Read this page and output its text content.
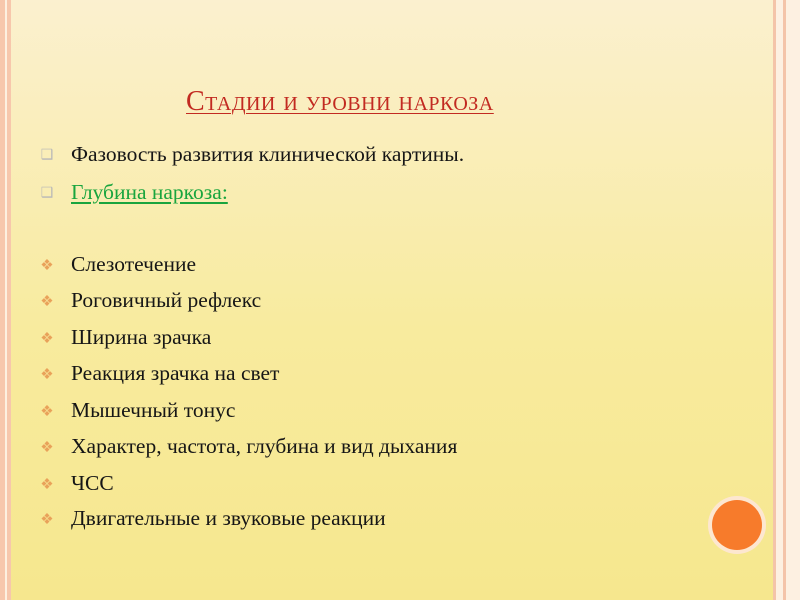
Стадии и уровни наркоза
❑ Фазовость развития клинической картины.
❑ Глубина наркоза:
❖ Слезотечение
❖ Роговичный рефлекс
❖ Ширина зрачка
❖ Реакция зрачка на свет
❖ Мышечный тонус
❖ Характер, частота, глубина и вид дыхания
❖ ЧСС
❖ Двигательные и звуковые реакции
